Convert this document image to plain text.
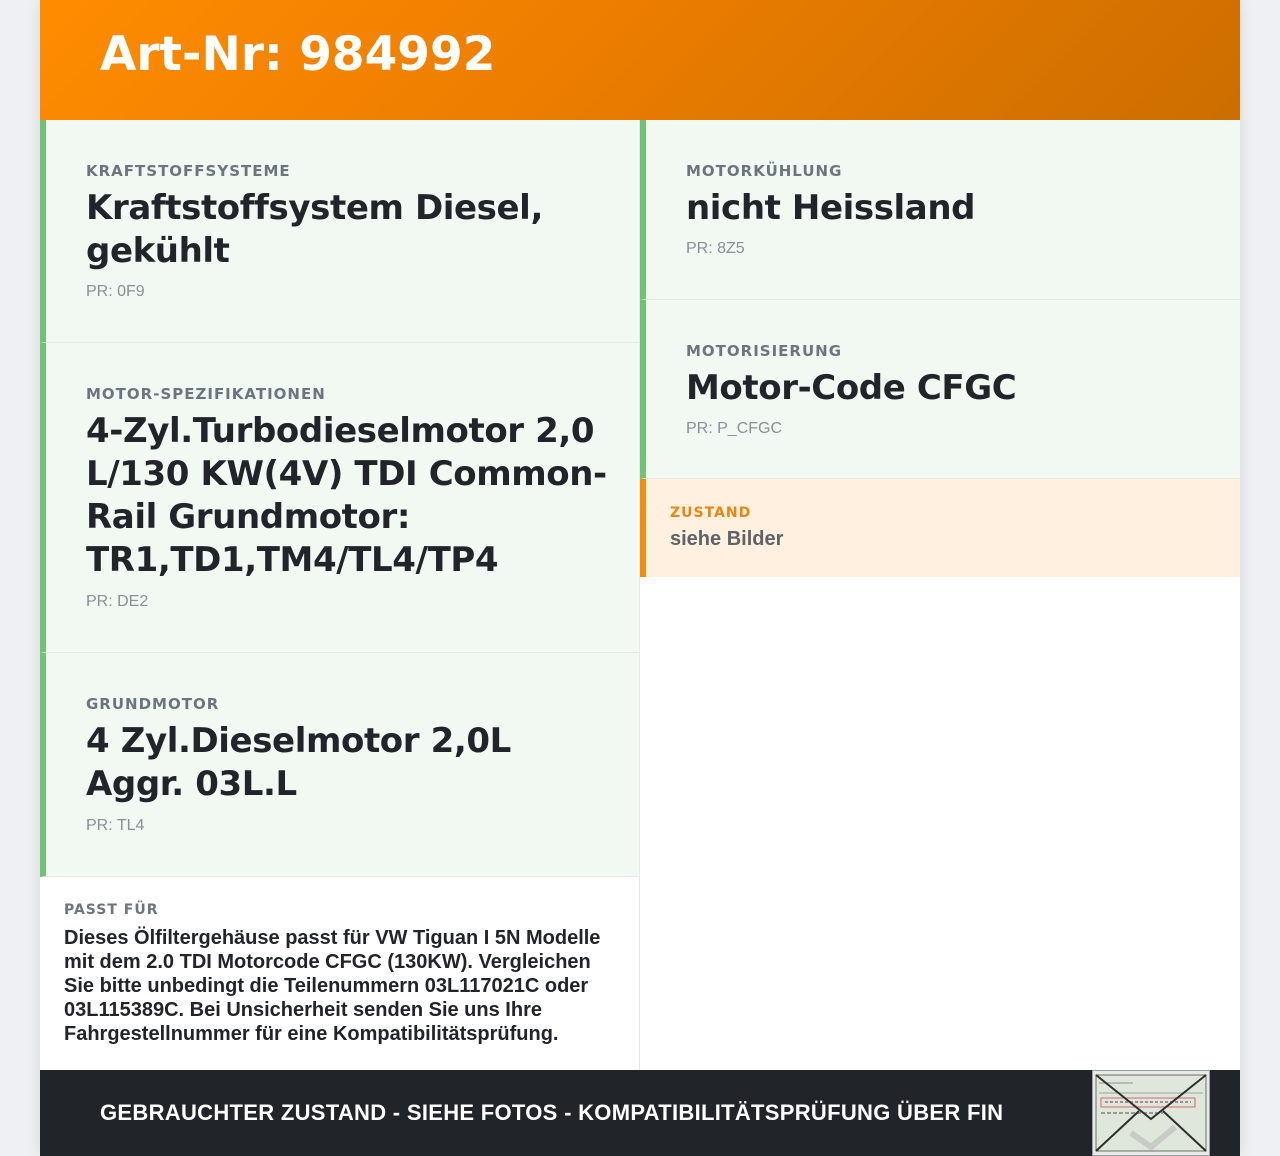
Art-Nr: 984992
KRAFTSTOFFSYSTEME
Kraftstoffsystem Diesel, gekühlt
PR: 0F9
MOTOR-SPEZIFIKATIONEN
4-Zyl.Turbodieselmotor 2,0 L/130 KW(4V) TDI Common-Rail Grundmotor: TR1,TD1,TM4/TL4/TP4
PR: DE2
GRUNDMOTOR
4 Zyl.Dieselmotor 2,0L Aggr. 03L.L
PR: TL4
MOTORKÜHLUNG
nicht Heissland
PR: 8Z5
MOTORISIERUNG
Motor-Code CFGC
PR: P_CFGC
ZUSTAND
siehe Bilder
PASST FÜR
Dieses Ölfiltergehäuse passt für VW Tiguan I 5N Modelle mit dem 2.0 TDI Motorcode CFGC (130KW). Vergleichen Sie bitte unbedingt die Teilenummern 03L117021C oder 03L115389C. Bei Unsicherheit senden Sie uns Ihre Fahrgestellnummer für eine Kompatibilitätsprüfung.
GEBRAUCHTER ZUSTAND - SIEHE FOTOS - KOMPATIBILITÄTSPRÜFUNG ÜBER FIN
